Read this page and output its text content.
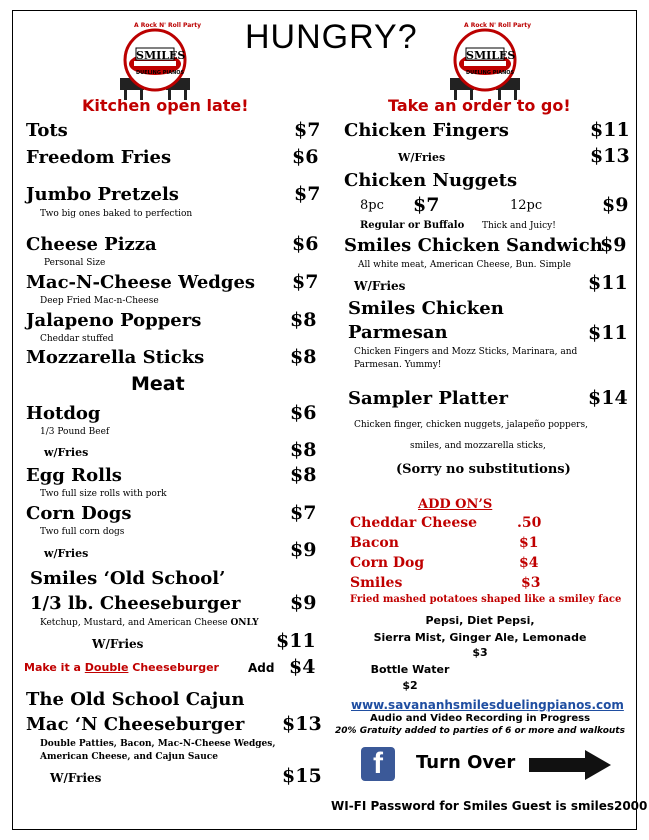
A Rock N' Roll Party
SMILES
DUELING PIANOS
A Rock N' Roll Party
SMILES
DUELING PIANOS
HUNGRY?
Kitchen open late!	Take an order to go!
Tots	$7
Freedom Fries	$6
Jumbo Pretzels	$7
Two big ones baked to perfection
Cheese Pizza	$6
Personal Size
Mac-N-Cheese Wedges $7
Deep Fried Mac-n-Cheese
Jalapeno Poppers	$8
Cheddar stuffed
Mozzarella Sticks	$8
Meat
Hotdog	$6
1/3 Pound Beef
w/Fries	$8
Egg Rolls	$8
Two full size rolls with pork
Corn Dogs	$7
Two full corn dogs
w/Fries	$9
Smiles ‘Old School’
1/3 lb. Cheeseburger	$9
Ketchup, Mustard, and American Cheese ONLY
W/Fries	$11
Make it a Double Cheeseburger Add $4
The Old School Cajun
Mac ‘N Cheeseburger $13
Double Patties, Bacon, Mac-N-Cheese Wedges,
American Cheese, and Cajun Sauce
W/Fries	$15
Chicken Fingers	$11
W/Fries	$13
Chicken Nuggets
8pc $7	12pc	$9
Regular or Buffalo Thick and Juicy!
Smiles Chicken Sandwich
$9
All white meat, American Cheese, Bun. Simple
W/Fries	$11
Smiles Chicken
Parmesan	$11
Chicken Fingers and Mozz Sticks, Marinara, and
Parmesan. Yummy!
Sampler Platter	$14
Chicken finger, chicken nuggets, jalapeño poppers,
smiles, and mozzarella sticks,
(Sorry no substitutions)
ADD ON’S
Cheddar Cheese	.50
Bacon	$1
Corn Dog	$4
Smiles	$3
Fried mashed potatoes shaped like a smiley face
Pepsi, Diet Pepsi,
Sierra Mist, Ginger Ale, Lemonade
$3
Bottle Water
$2
www.savananhsmilesduelingpianos.com
Audio and Video Recording in Progress
20% Gratuity added to parties of 6 or more and walkouts
f	Turn Over
WI-FI Password for Smiles Guest is smiles2000
